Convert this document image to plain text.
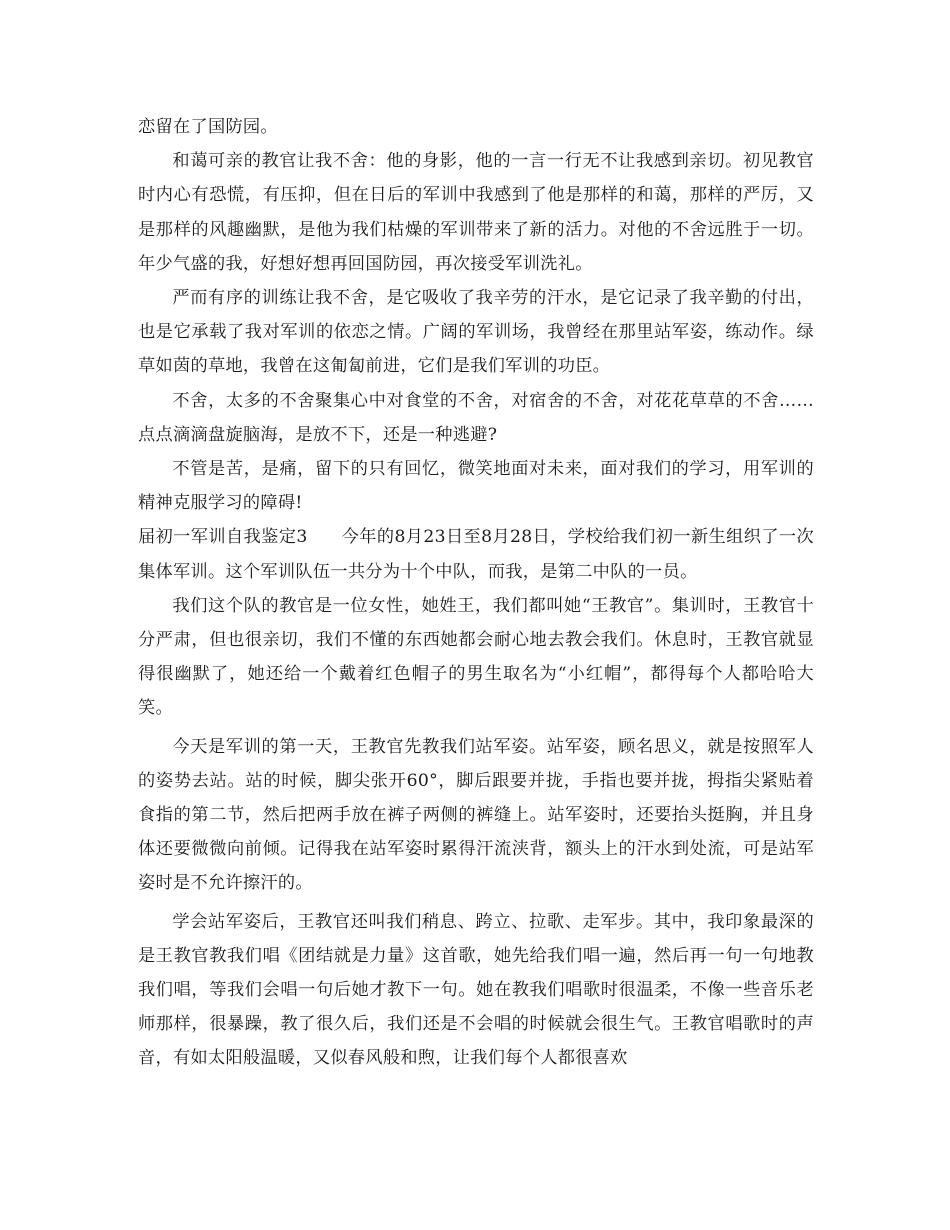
恋留在了国防园。

和蔼可亲的教官让我不舍：他的身影，他的一言一行无不让我感到亲切。初见教官时内心有恐慌，有压抑，但在日后的军训中我感到了他是那样的和蔼，那样的严厉，又是那样的风趣幽默，是他为我们枯燥的军训带来了新的活力。对他的不舍远胜于一切。年少气盛的我，好想好想再回国防园，再次接受军训洗礼。

严而有序的训练让我不舍，是它吸收了我辛劳的汗水，是它记录了我辛勤的付出，也是它承载了我对军训的依恋之情。广阔的军训场，我曾经在那里站军姿，练动作。绿草如茵的草地，我曾在这匍匐前进，它们是我们军训的功臣。

不舍，太多的不舍聚集心中对食堂的不舍，对宿舍的不舍，对花花草草的不舍……点点滴滴盘旋脑海，是放不下，还是一种逃避?

不管是苦，是痛，留下的只有回忆，微笑地面对未来，面对我们的学习，用军训的精神克服学习的障碍!

届初一军训自我鉴定3 今年的8月23日至8月28日，学校给我们初一新生组织了一次集体军训。这个军训队伍一共分为十个中队，而我，是第二中队的一员。

我们这个队的教官是一位女性，她姓王，我们都叫她“王教官”。集训时，王教官十分严肃，但也很亲切，我们不懂的东西她都会耐心地去教会我们。休息时，王教官就显得很幽默了，她还给一个戴着红色帽子的男生取名为“小红帽”，都得每个人都哈哈大笑。

今天是军训的第一天，王教官先教我们站军姿。站军姿，顾名思义，就是按照军人的姿势去站。站的时候，脚尖张开60°，脚后跟要并拢，手指也要并拢，拇指尖紧贴着食指的第二节，然后把两手放在裤子两侧的裤缝上。站军姿时，还要抬头挺胸，并且身体还要微微向前倾。记得我在站军姿时累得汗流浃背，额头上的汗水到处流，可是站军姿时是不允许擦汗的。

学会站军姿后，王教官还叫我们稍息、跨立、拉歌、走军步。其中，我印象最深的是王教官教我们唱《团结就是力量》这首歌，她先给我们唱一遍，然后再一句一句地教我们唱，等我们会唱一句后她才教下一句。她在教我们唱歌时很温柔，不像一些音乐老师那样，很暴躁，教了很久后，我们还是不会唱的时候就会很生气。王教官唱歌时的声音，有如太阳般温暖，又似春风般和煦，让我们每个人都很喜欢
